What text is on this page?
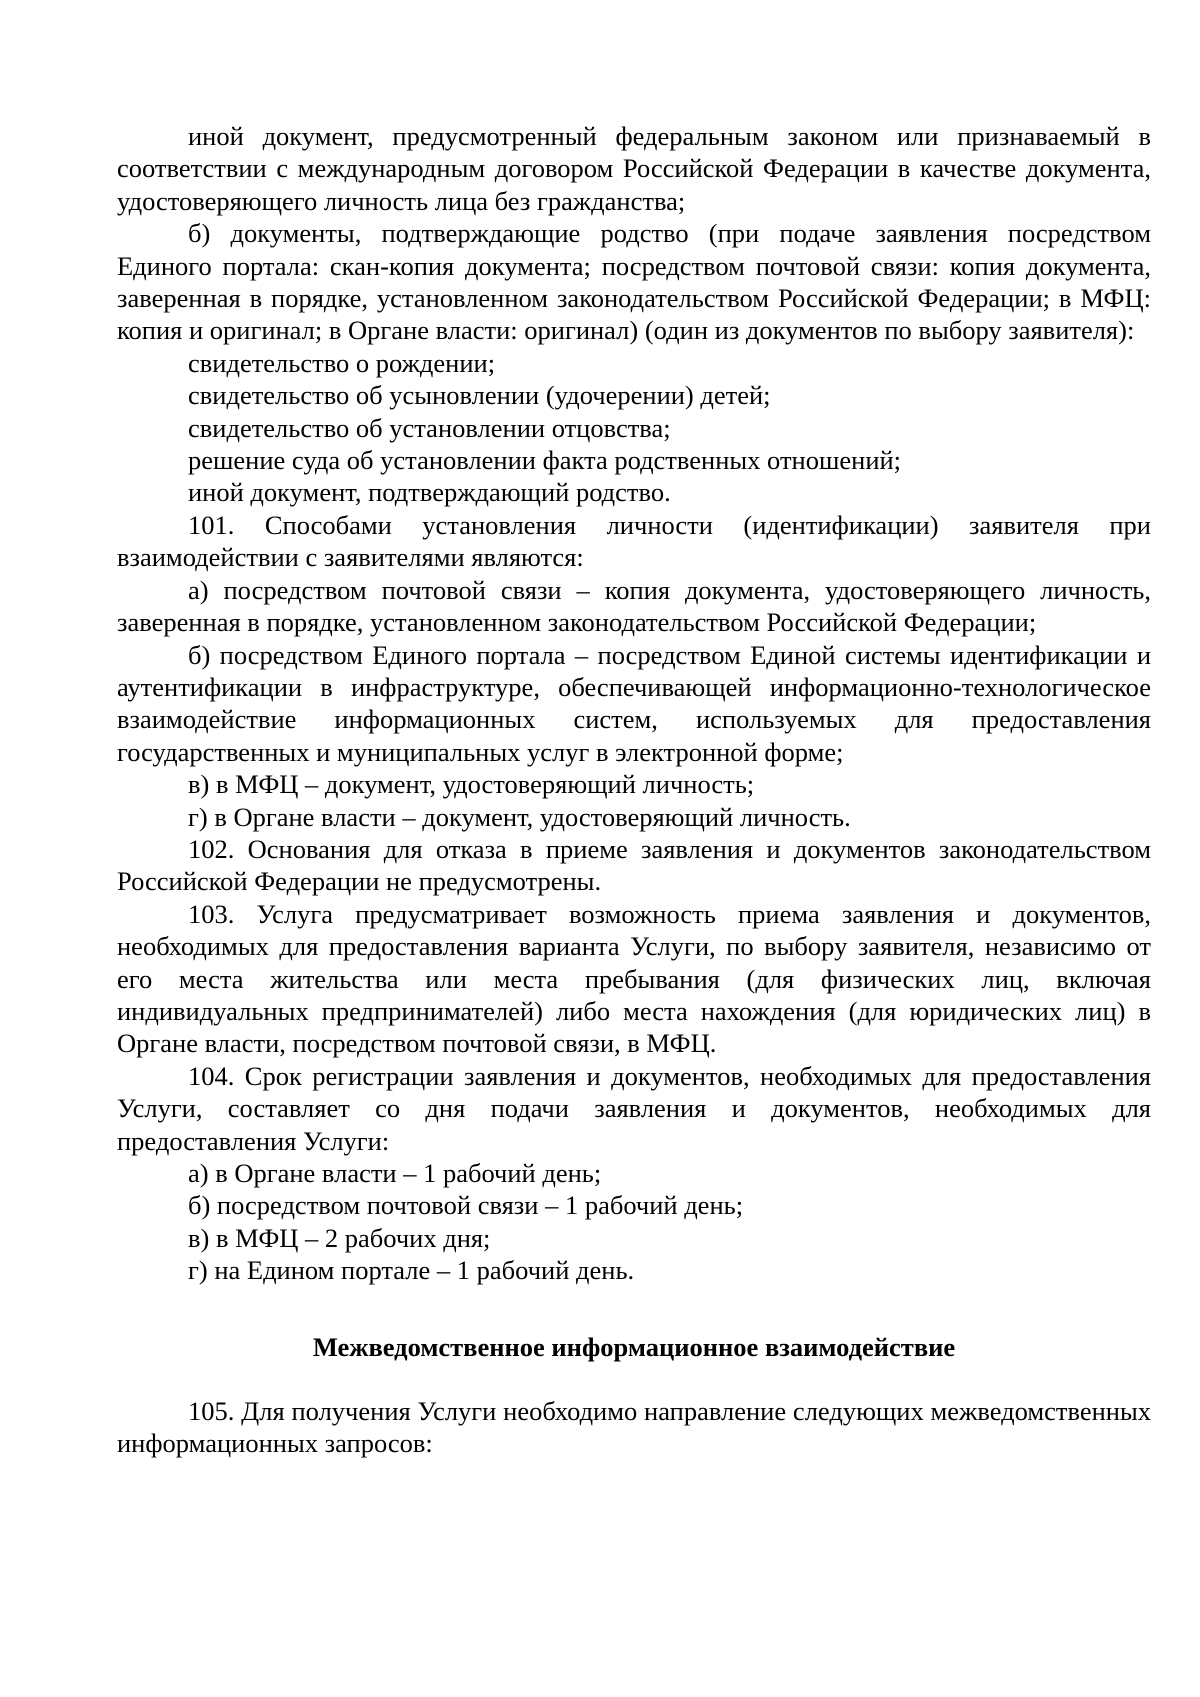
иной документ, предусмотренный федеральным законом или признаваемый в соответствии с международным договором Российской Федерации в качестве документа, удостоверяющего личность лица без гражданства;

б) документы, подтверждающие родство (при подаче заявления посредством Единого портала: скан-копия документа; посредством почтовой связи: копия документа, заверенная в порядке, установленном законодательством Российской Федерации; в МФЦ: копия и оригинал; в Органе власти: оригинал) (один из документов по выбору заявителя):

свидетельство о рождении;

свидетельство об усыновлении (удочерении) детей;

свидетельство об установлении отцовства;

решение суда об установлении факта родственных отношений;

иной документ, подтверждающий родство.

101. Способами установления личности (идентификации) заявителя при взаимодействии с заявителями являются:

а) посредством почтовой связи – копия документа, удостоверяющего личность, заверенная в порядке, установленном законодательством Российской Федерации;

б) посредством Единого портала – посредством Единой системы идентификации и аутентификации в инфраструктуре, обеспечивающей информационно-технологическое взаимодействие информационных систем, используемых для предоставления государственных и муниципальных услуг в электронной форме;

в) в МФЦ – документ, удостоверяющий личность;

г) в Органе власти – документ, удостоверяющий личность.

102. Основания для отказа в приеме заявления и документов законодательством Российской Федерации не предусмотрены.

103. Услуга предусматривает возможность приема заявления и документов, необходимых для предоставления варианта Услуги, по выбору заявителя, независимо от его места жительства или места пребывания (для физических лиц, включая индивидуальных предпринимателей) либо места нахождения (для юридических лиц) в Органе власти, посредством почтовой связи, в МФЦ.

104. Срок регистрации заявления и документов, необходимых для предоставления Услуги, составляет со дня подачи заявления и документов, необходимых для предоставления Услуги:

а) в Органе власти – 1 рабочий день;

б) посредством почтовой связи – 1 рабочий день;

в) в МФЦ – 2 рабочих дня;

г) на Едином портале – 1 рабочий день.

Межведомственное информационное взаимодействие

105. Для получения Услуги необходимо направление следующих межведомственных информационных запросов:
